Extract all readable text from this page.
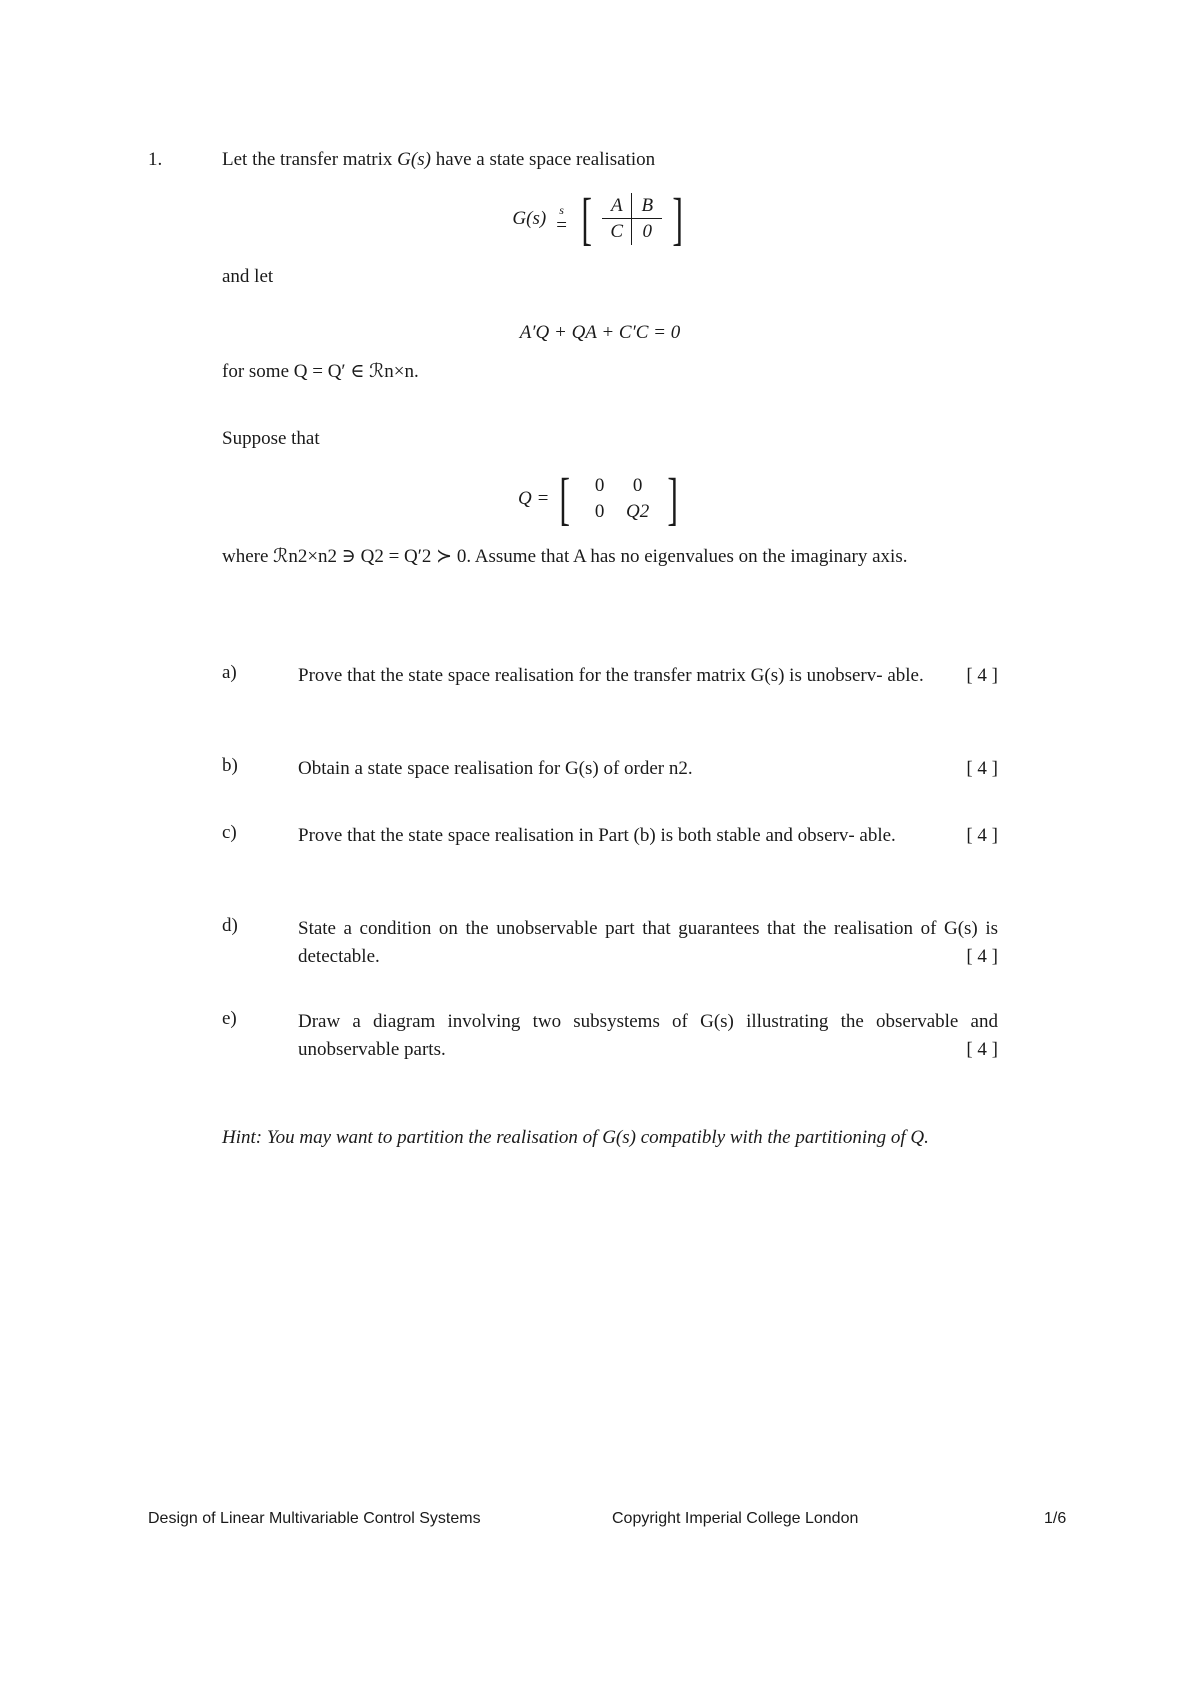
1.	Let the transfer matrix G(s) have a state space realisation
G(s) s
= [	A B
C	0 ]
and let
A′Q + QA + C′C = 0
for some Q = Q′ ∈ ℛn×n.
Suppose that
Q = [	0	0
0	Q2 ]
where ℛn2×n2 ∋ Q2 = Q′2 ≻ 0. Assume that A has no eigenvalues on the imaginary axis.
a)	Prove that the state space realisation for the transfer matrix G(s) is unobserv- able. [ 4 ]
b)	Obtain a state space realisation for G(s) of order n2.	[ 4 ]
c)	Prove that the state space realisation in Part (b) is both stable and observ- able.	[ 4 ]
d)	State a condition on the unobservable part that guarantees that the realisation of G(s) is detectable.	[ 4 ]
e)	Draw a diagram involving two subsystems of G(s) illustrating the observable and unobservable parts.	[ 4 ]
Hint: You may want to partition the realisation of G(s) compatibly with the partitioning of Q.
Design of Linear Multivariable Control Systems	Copyright Imperial College London	1/6
